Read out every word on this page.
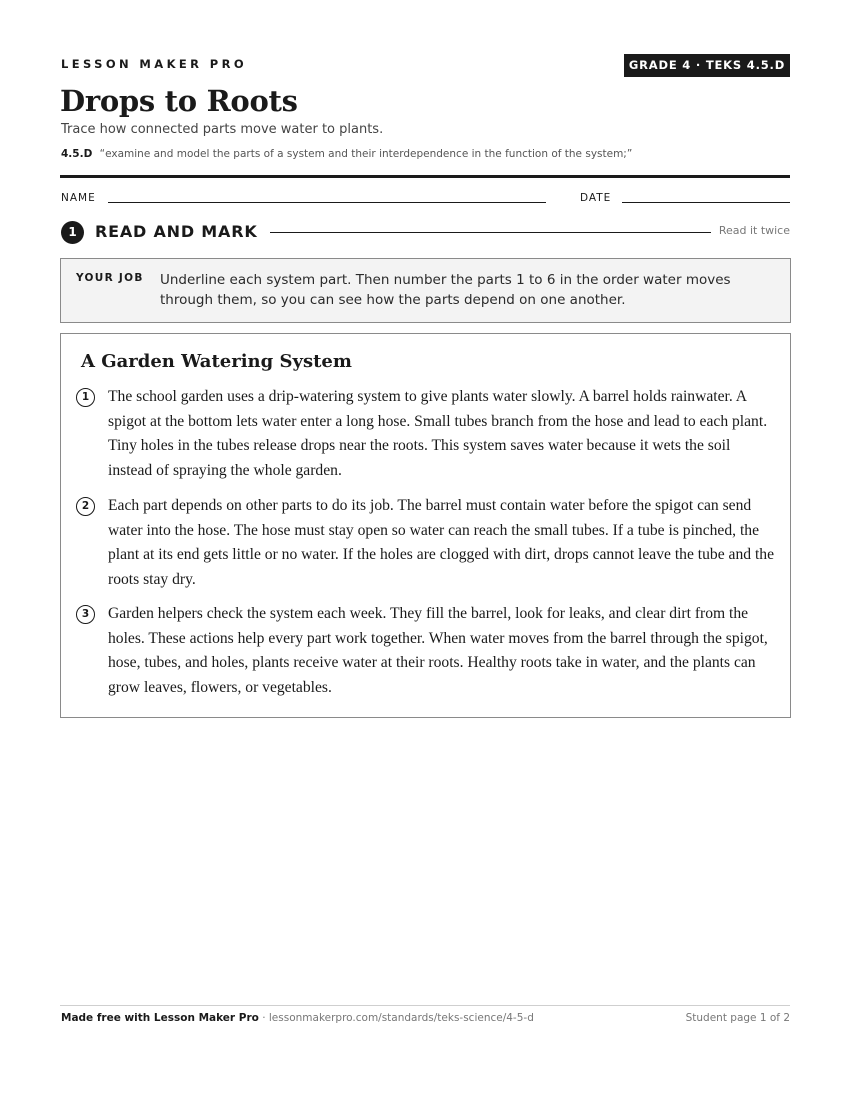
LESSON MAKER PRO	GRADE 4 · TEKS 4.5.D
Drops to Roots
Trace how connected parts move water to plants.
4.5.D “examine and model the parts of a system and their interdependence in the function of the system;”
NAME	DATE
1	READ AND MARK	Read it twice
YOUR JOB Underline each system part. Then number the parts 1 to 6 in the order water moves through them, so you can see how the parts depend on one another.
A Garden Watering System
1	The school garden uses a drip-watering system to give plants water slowly. A barrel holds rainwater. A spigot at the bottom lets water enter a long hose. Small tubes branch from the hose and lead to each plant. Tiny holes in the tubes release drops near the roots. This system saves water because it wets the soil instead of spraying the whole garden.

2	Each part depends on other parts to do its job. The barrel must contain water before the spigot can send water into the hose. The hose must stay open so water can reach the small tubes. If a tube is pinched, the plant at its end gets little or no water. If the holes are clogged with dirt, drops cannot leave the tube and the roots stay dry.

3	Garden helpers check the system each week. They fill the barrel, look for leaks, and clear dirt from the holes. These actions help every part work together. When water moves from the barrel through the spigot, hose, tubes, and holes, plants receive water at their roots. Healthy roots take in water, and the plants can grow leaves, flowers, or vegetables.

Made free with Lesson Maker Pro · lessonmakerpro.com/standards/teks-science/4-5-d	Student page 1 of 2
